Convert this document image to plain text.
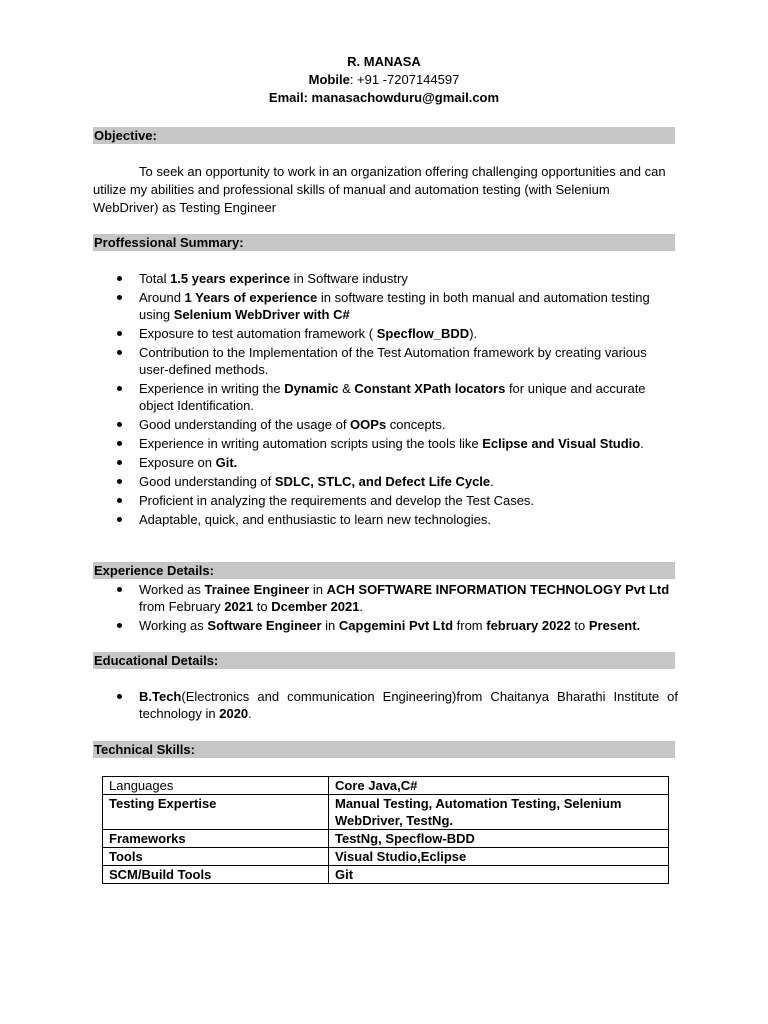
R. MANASA
Mobile: +91 -7207144597
Email: manasachowduru@gmail.com
Objective:
To seek an opportunity to work in an organization offering challenging opportunities and can utilize my abilities and professional skills of manual and automation testing (with Selenium WebDriver) as Testing Engineer
Proffessional Summary:
Total 1.5 years experince in Software industry
Around 1 Years of experience in software testing in both manual and automation testing using Selenium WebDriver with C#
Exposure to test automation framework ( Specflow_BDD).
Contribution to the Implementation of the Test Automation framework by creating various user-defined methods.
Experience in writing the Dynamic & Constant XPath locators for unique and accurate object Identification.
Good understanding of the usage of OOPs concepts.
Experience in writing automation scripts using the tools like Eclipse and Visual Studio.
Exposure on Git.
Good understanding of SDLC, STLC, and Defect Life Cycle.
Proficient in analyzing the requirements and develop the Test Cases.
Adaptable, quick, and enthusiastic to learn new technologies.
Experience Details:
Worked as Trainee Engineer in ACH SOFTWARE INFORMATION TECHNOLOGY Pvt Ltd from February 2021 to Dcember 2021.
Working as Software Engineer in Capgemini Pvt Ltd from february 2022 to Present.
Educational Details:
B.Tech(Electronics and communication Engineering)from Chaitanya Bharathi Institute of technology in 2020.
Technical Skills:
Languages	Core Java,C#
Testing Expertise	Manual Testing, Automation Testing, Selenium WebDriver, TestNg.
Frameworks	TestNg, Specflow-BDD
Tools	Visual Studio,Eclipse
SCM/Build Tools	Git
